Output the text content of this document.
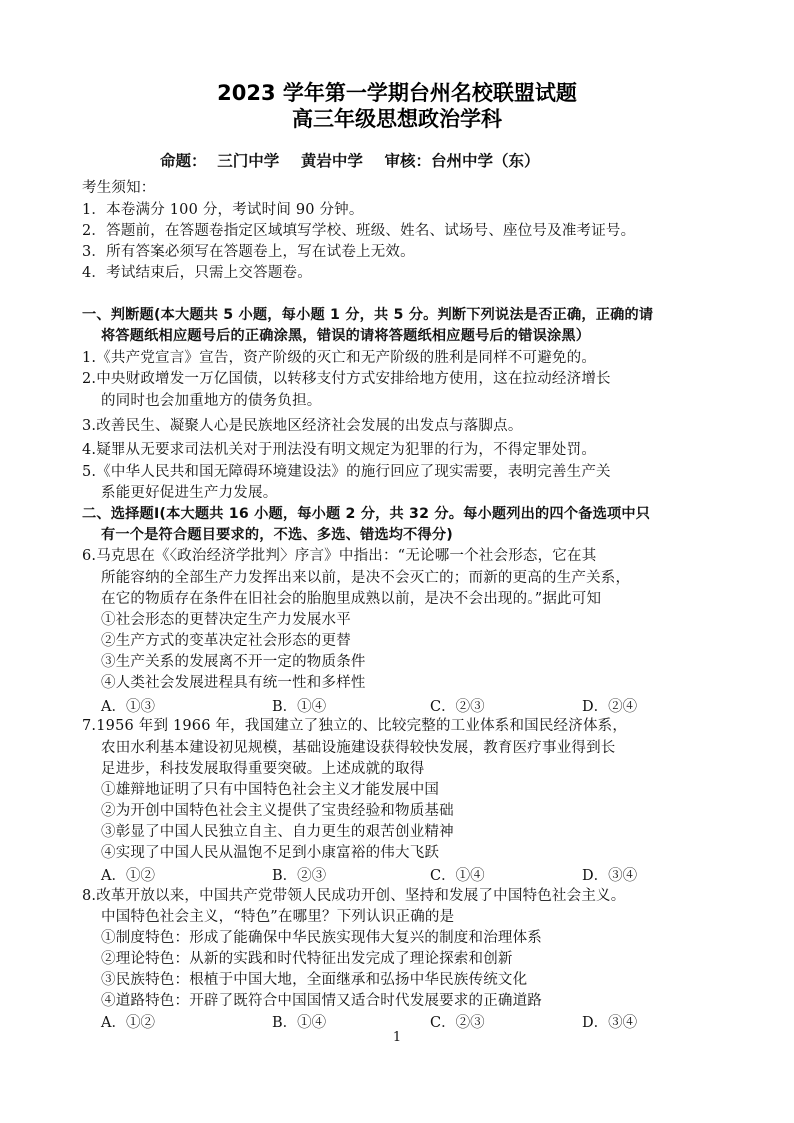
2023 学年第一学期台州名校联盟试题
高三年级思想政治学科
命题：  三门中学    黄岩中学    审核：台州中学（东）
考生须知：
1．本卷满分 100 分，考试时间 90 分钟。
2．答题前，在答题卷指定区域填写学校、班级、姓名、试场号、座位号及准考证号。
3．所有答案必须写在答题卷上，写在试卷上无效。
4．考试结束后，只需上交答题卷。
一、判断题(本大题共 5 小题，每小题 1 分，共 5 分。判断下列说法是否正确，正确的请
将答题纸相应题号后的正确涂黑，错误的请将答题纸相应题号后的错误涂黑）
1.《共产党宣言》宣告，资产阶级的灭亡和无产阶级的胜利是同样不可避免的。
2.中央财政增发一万亿国债，以转移支付方式安排给地方使用，这在拉动经济增长
的同时也会加重地方的债务负担。
3.改善民生、凝聚人心是民族地区经济社会发展的出发点与落脚点。
4.疑罪从无要求司法机关对于刑法没有明文规定为犯罪的行为，不得定罪处罚。
5.《中华人民共和国无障碍环境建设法》的施行回应了现实需要，表明完善生产关
系能更好促进生产力发展。
二、选择题Ⅰ(本大题共 16 小题，每小题 2 分，共 32 分。每小题列出的四个备选项中只
有一个是符合题目要求的，不选、多选、错选均不得分)
6.马克思在《〈政治经济学批判〉序言》中指出：“无论哪一个社会形态，它在其
所能容纳的全部生产力发挥出来以前，是决不会灭亡的；而新的更高的生产关系，
在它的物质存在条件在旧社会的胎胞里成熟以前，是决不会出现的。”据此可知
①社会形态的更替决定生产力发展水平
②生产方式的变革决定社会形态的更替
③生产关系的发展离不开一定的物质条件
④人类社会发展进程具有统一性和多样性
A．①③	B．①④	C．②③	D．②④
7.1956 年到 1966 年，我国建立了独立的、比较完整的工业体系和国民经济体系，
农田水利基本建设初见规模，基础设施建设获得较快发展，教育医疗事业得到长
足进步，科技发展取得重要突破。上述成就的取得
①雄辩地证明了只有中国特色社会主义才能发展中国
②为开创中国特色社会主义提供了宝贵经验和物质基础
③彰显了中国人民独立自主、自力更生的艰苦创业精神
④实现了中国人民从温饱不足到小康富裕的伟大飞跃
A．①②	B．②③	C．①④	D．③④
8.改革开放以来，中国共产党带领人民成功开创、坚持和发展了中国特色社会主义。
中国特色社会主义，“特色”在哪里？下列认识正确的是
①制度特色：形成了能确保中华民族实现伟大复兴的制度和治理体系
②理论特色：从新的实践和时代特征出发完成了理论探索和创新
③民族特色：根植于中国大地，全面继承和弘扬中华民族传统文化
④道路特色：开辟了既符合中国国情又适合时代发展要求的正确道路
A．①②	B．①④	C．②③	D．③④
1
